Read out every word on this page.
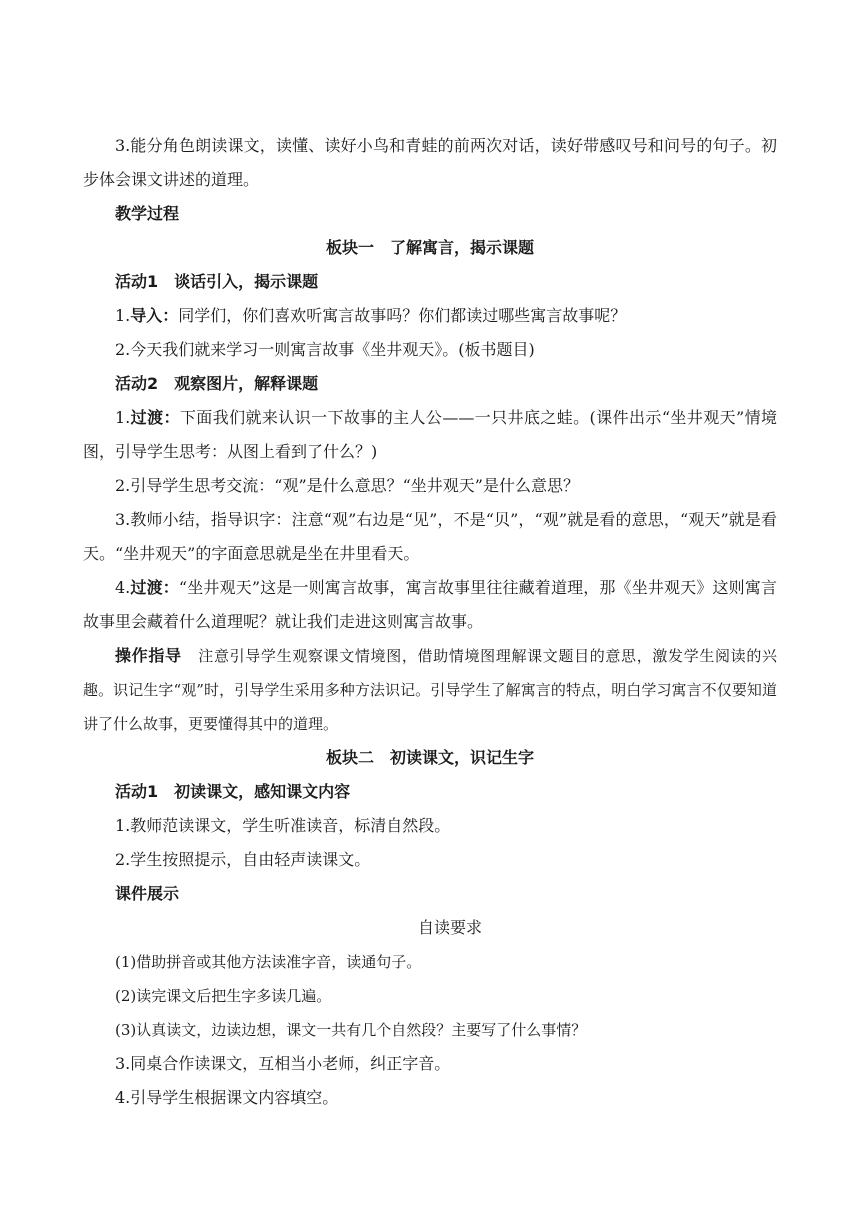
3.能分角色朗读课文，读懂、读好小鸟和青蛙的前两次对话，读好带感叹号和问号的句子。初步体会课文讲述的道理。

教学过程

板块一　了解寓言，揭示课题

活动1 谈话引入，揭示课题

1.导入：同学们，你们喜欢听寓言故事吗？你们都读过哪些寓言故事呢？

2.今天我们就来学习一则寓言故事《坐井观天》。(板书题目)

活动2 观察图片，解释课题

1.过渡：下面我们就来认识一下故事的主人公——一只井底之蛙。(课件出示“坐井观天”情境图，引导学生思考：从图上看到了什么？)

2.引导学生思考交流：“观”是什么意思？“坐井观天”是什么意思？

3.教师小结，指导识字：注意“观”右边是“见”，不是“贝”，“观”就是看的意思，“观天”就是看天。“坐井观天”的字面意思就是坐在井里看天。

4.过渡：“坐井观天”这是一则寓言故事，寓言故事里往往藏着道理，那《坐井观天》这则寓言故事里会藏着什么道理呢？就让我们走进这则寓言故事。

操作指导 注意引导学生观察课文情境图，借助情境图理解课文题目的意思，激发学生阅读的兴趣。识记生字“观”时，引导学生采用多种方法识记。引导学生了解寓言的特点，明白学习寓言不仅要知道讲了什么故事，更要懂得其中的道理。

板块二　初读课文，识记生字

活动1 初读课文，感知课文内容

1.教师范读课文，学生听准读音，标清自然段。

2.学生按照提示，自由轻声读课文。

课件展示

自读要求

(1)借助拼音或其他方法读准字音，读通句子。

(2)读完课文后把生字多读几遍。

(3)认真读文，边读边想，课文一共有几个自然段？主要写了什么事情？

3.同桌合作读课文，互相当小老师，纠正字音。

4.引导学生根据课文内容填空。
